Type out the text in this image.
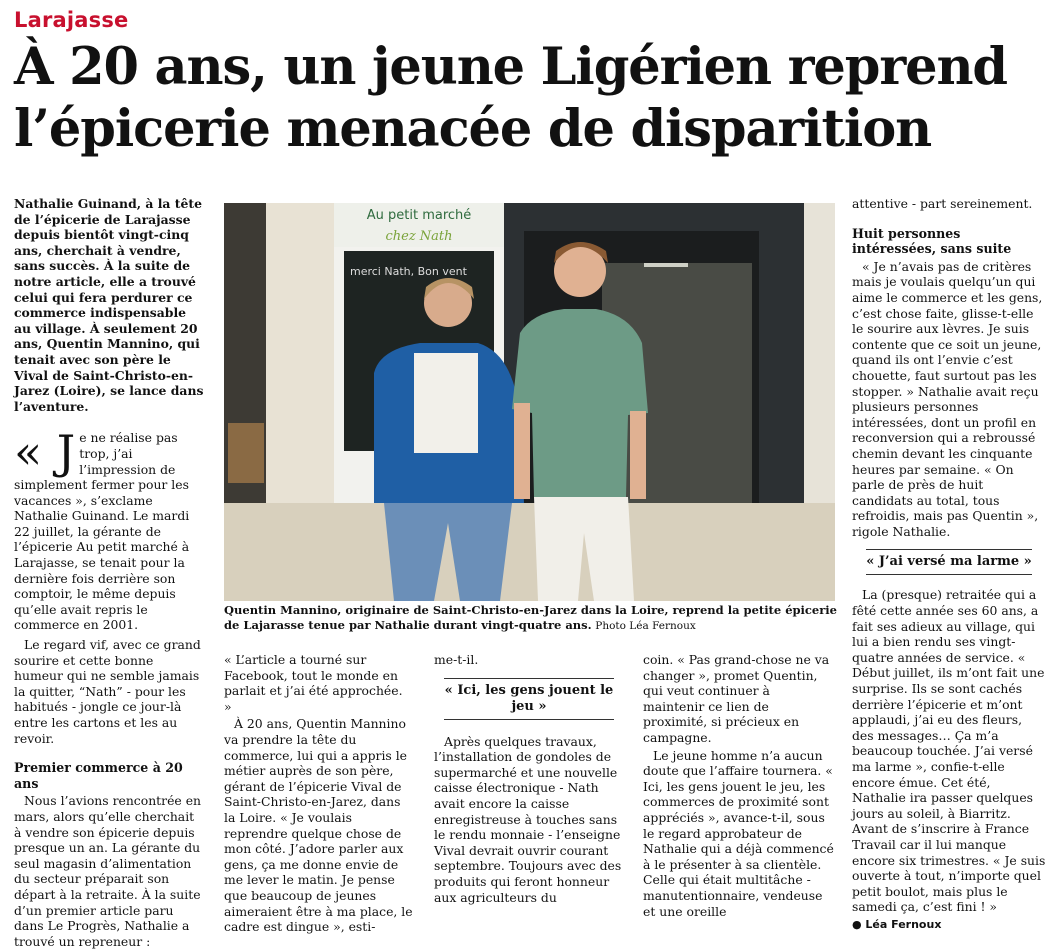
Larajasse
À 20 ans, un jeune Ligérien reprend
l’épicerie menacée de disparition

Nathalie Guinand, à la tête de l’épicerie de Larajasse depuis bientôt vingt-cinq ans, cherchait à vendre, sans succès. À la suite de notre article, elle a trouvé celui qui fera perdurer ce commerce indispensable au village. À seulement 20 ans, Quentin Mannino, qui tenait avec son père le Vival de Saint-Christo-en-Jarez (Loire), se lance dans l’aventure.

« J e ne réalise pas trop, j’ai l’impression de simplement fermer pour les vacances », s’exclame Nathalie Guinand. Le mardi 22 juillet, la gérante de l’épicerie Au petit marché à Larajasse, se tenait pour la dernière fois derrière son comptoir, le même depuis qu’elle avait repris le commerce en 2001.

Le regard vif, avec ce grand sourire et cette bonne humeur qui ne semble jamais la quitter, “Nath” - pour les habitués - jongle ce jour-là entre les cartons et les au revoir.

Premier commerce à 20 ans

Nous l’avions rencontrée en mars, alors qu’elle cherchait à vendre son épicerie depuis presque un an. La gérante du seul magasin d’alimentation du secteur préparait son départ à la retraite. À la suite d’un premier article paru dans Le Progrès, Nathalie a trouvé un repreneur :

merci Nath, Bon vent
Au petit marché
chez Nath
Quentin Mannino, originaire de Saint-Christo-en-Jarez dans la Loire, reprend la petite épicerie de Lajarasse tenue par Nathalie durant vingt-quatre ans. Photo Léa Fernoux

« L’article a tourné sur Facebook, tout le monde en parlait et j’ai été approchée. »

À 20 ans, Quentin Mannino va prendre la tête du commerce, lui qui a appris le métier auprès de son père, gérant de l’épicerie Vival de Saint-Christo-en-Jarez, dans la Loire. « Je voulais reprendre quelque chose de mon côté. J’adore parler aux gens, ça me donne envie de me lever le matin. Je pense que beaucoup de jeunes aimeraient être à ma place, le cadre est dingue », esti-

me-t-il.

« Ici, les gens jouent le jeu »

Après quelques travaux, l’installation de gondoles de supermarché et une nouvelle caisse électronique - Nath avait encore la caisse enregistreuse à touches sans le rendu monnaie - l’enseigne Vival devrait ouvrir courant septembre. Toujours avec des produits qui feront honneur aux agriculteurs du

coin. « Pas grand-chose ne va changer », promet Quentin, qui veut continuer à maintenir ce lien de proximité, si précieux en campagne.

Le jeune homme n’a aucun doute que l’affaire tournera. « Ici, les gens jouent le jeu, les commerces de proximité sont appréciés », avance-t-il, sous le regard approbateur de Nathalie qui a déjà commencé à le présenter à sa clientèle. Celle qui était multitâche - manutentionnaire, vendeuse et une oreille

attentive - part sereinement.

Huit personnes intéressées, sans suite

« Je n’avais pas de critères mais je voulais quelqu’un qui aime le commerce et les gens, c’est chose faite, glisse-t-elle le sourire aux lèvres. Je suis contente que ce soit un jeune, quand ils ont l’envie c’est chouette, faut surtout pas les stopper. » Nathalie avait reçu plusieurs personnes intéressées, dont un profil en reconversion qui a rebroussé chemin devant les cinquante heures par semaine. « On parle de près de huit candidats au total, tous refroidis, mais pas Quentin », rigole Nathalie.

« J’ai versé ma larme »

La (presque) retraitée qui a fêté cette année ses 60 ans, a fait ses adieux au village, qui lui a bien rendu ses vingt-quatre années de service. « Début juillet, ils m’ont fait une surprise. Ils se sont cachés derrière l’épicerie et m’ont applaudi, j’ai eu des fleurs, des messages… Ça m’a beaucoup touchée. J’ai versé ma larme », confie-t-elle encore émue. Cet été, Nathalie ira passer quelques jours au soleil, à Biarritz. Avant de s’inscrire à France Travail car il lui manque encore six trimestres. « Je suis ouverte à tout, n’importe quel petit boulot, mais plus le samedi ça, c’est fini ! »

● Léa Fernoux
